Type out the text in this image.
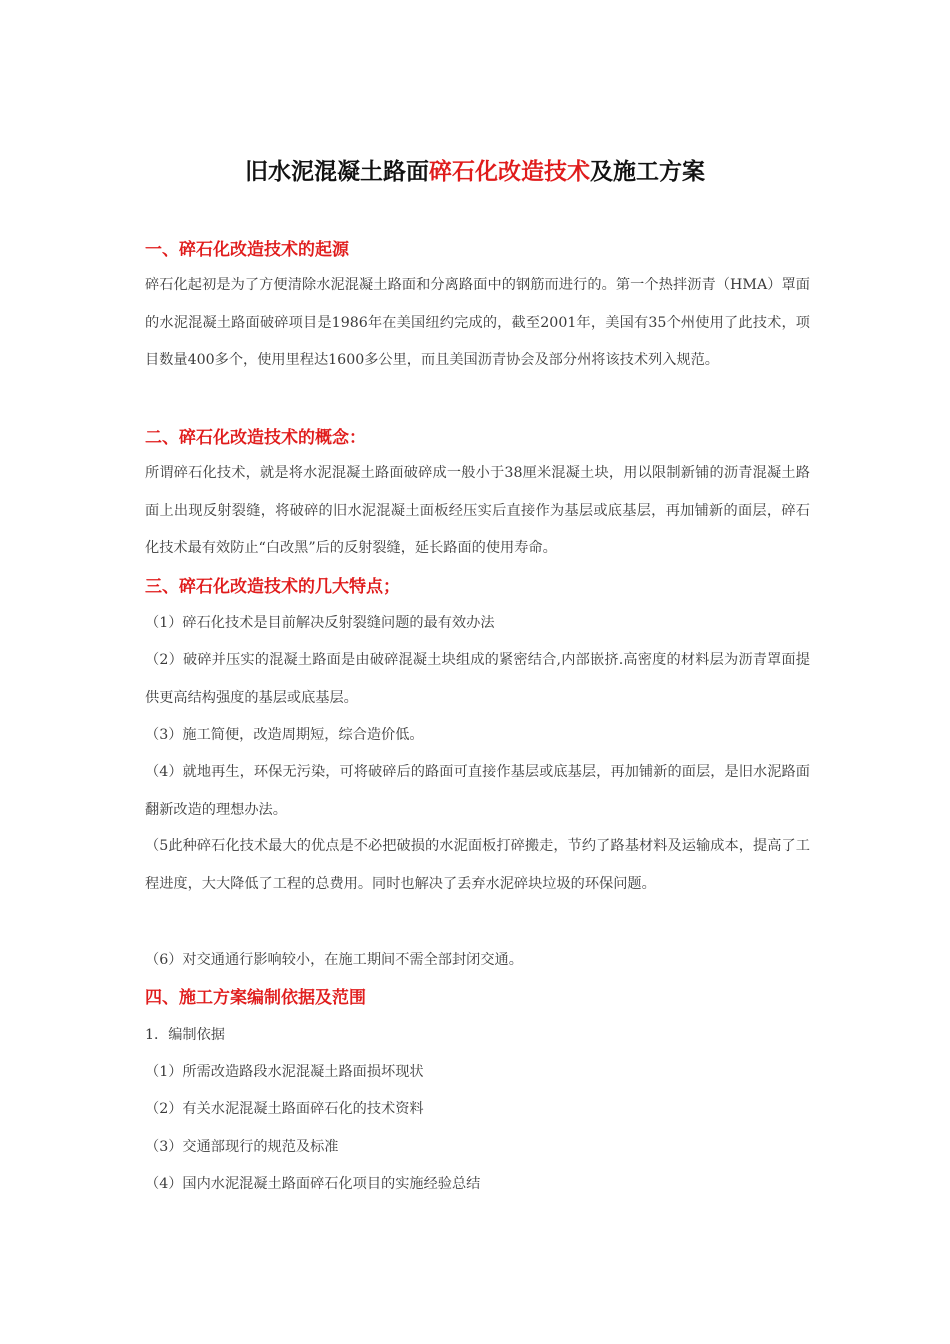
旧水泥混凝土路面碎石化改造技术及施工方案
一、碎石化改造技术的起源
碎石化起初是为了方便清除水泥混凝土路面和分离路面中的钢筋而进行的。第一个热拌沥青（HMA）罩面的水泥混凝土路面破碎项目是1986年在美国纽约完成的，截至2001年，美国有35个州使用了此技术，项目数量400多个，使用里程达1600多公里，而且美国沥青协会及部分州将该技术列入规范。
二、碎石化改造技术的概念：
所谓碎石化技术，就是将水泥混凝土路面破碎成一般小于38厘米混凝土块，用以限制新铺的沥青混凝土路面上出现反射裂缝，将破碎的旧水泥混凝土面板经压实后直接作为基层或底基层，再加铺新的面层，碎石化技术最有效防止“白改黑”后的反射裂缝，延长路面的使用寿命。
三、碎石化改造技术的几大特点；
（1）碎石化技术是目前解决反射裂缝问题的最有效办法
（2）破碎并压实的混凝土路面是由破碎混凝土块组成的紧密结合,内部嵌挤.高密度的材料层为沥青罩面提供更高结构强度的基层或底基层。
（3）施工简便，改造周期短，综合造价低。
（4）就地再生，环保无污染，可将破碎后的路面可直接作基层或底基层，再加铺新的面层，是旧水泥路面翻新改造的理想办法。
（5此种碎石化技术最大的优点是不必把破损的水泥面板打碎搬走，节约了路基材料及运输成本，提高了工程进度，大大降低了工程的总费用。同时也解决了丢弃水泥碎块垃圾的环保问题。
（6）对交通通行影响较小，在施工期间不需全部封闭交通。
四、施工方案编制依据及范围
1．编制依据
（1）所需改造路段水泥混凝土路面损坏现状
（2）有关水泥混凝土路面碎石化的技术资料
（3）交通部现行的规范及标准
（4）国内水泥混凝土路面碎石化项目的实施经验总结
